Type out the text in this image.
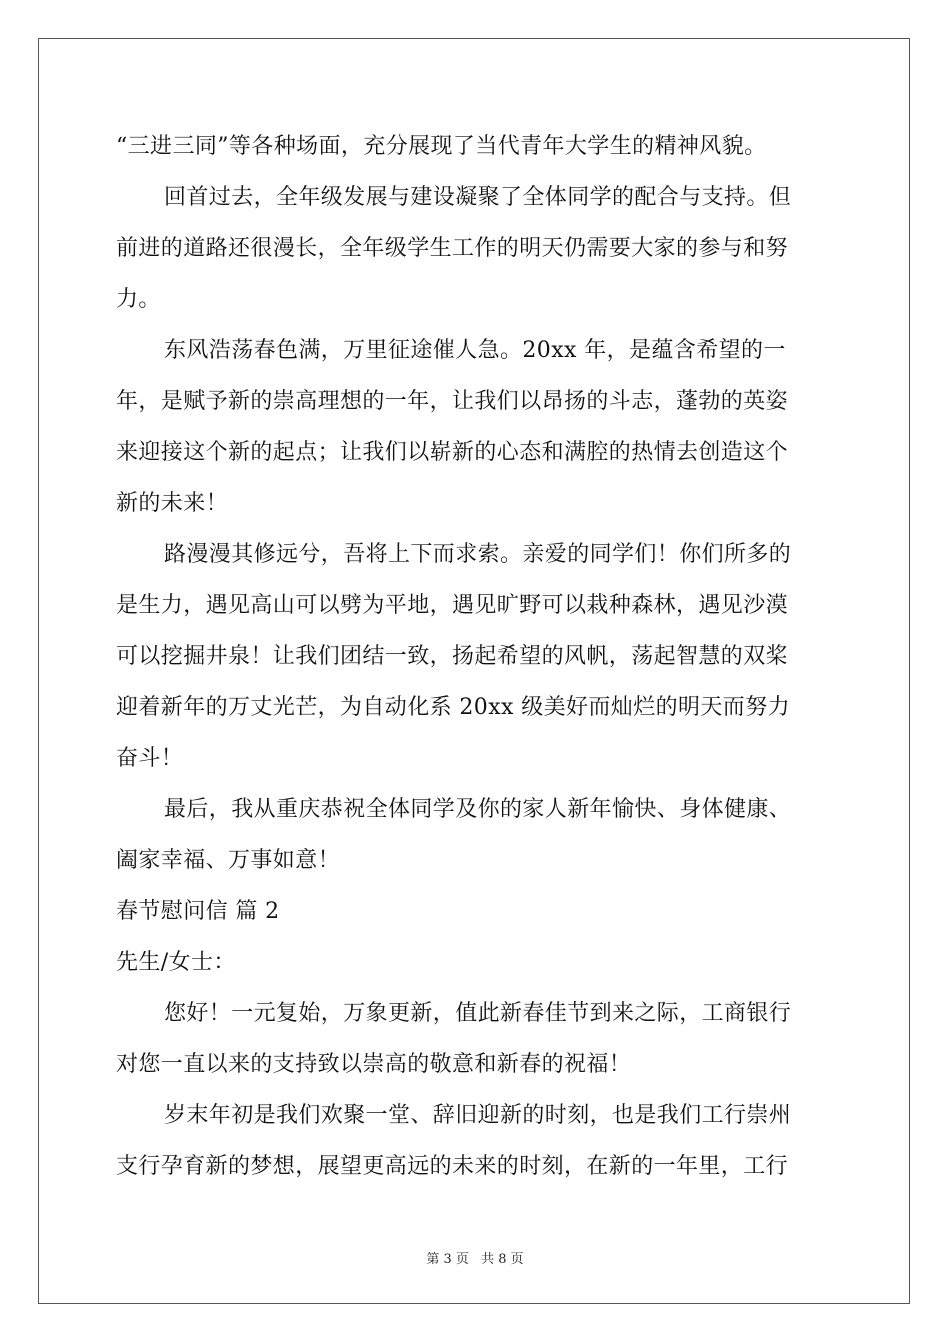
“三进三同”等各种场面，充分展现了当代青年大学生的精神风貌。
回首过去，全年级发展与建设凝聚了全体同学的配合与支持。但
前进的道路还很漫长，全年级学生工作的明天仍需要大家的参与和努
力。
东风浩荡春色满，万里征途催人急。20xx 年，是蕴含希望的一
年，是赋予新的崇高理想的一年，让我们以昂扬的斗志，蓬勃的英姿
来迎接这个新的起点；让我们以崭新的心态和满腔的热情去创造这个
新的未来！
路漫漫其修远兮，吾将上下而求索。亲爱的同学们！你们所多的
是生力，遇见高山可以劈为平地，遇见旷野可以栽种森林，遇见沙漠
可以挖掘井泉！让我们团结一致，扬起希望的风帆，荡起智慧的双桨
迎着新年的万丈光芒，为自动化系 20xx 级美好而灿烂的明天而努力
奋斗！
最后，我从重庆恭祝全体同学及你的家人新年愉快、身体健康、
阖家幸福、万事如意！
春节慰问信 篇 2
先生/女士：
您好！一元复始，万象更新，值此新春佳节到来之际，工商银行
对您一直以来的支持致以崇高的敬意和新春的祝福！
岁末年初是我们欢聚一堂、辞旧迎新的时刻，也是我们工行崇州
支行孕育新的梦想，展望更高远的未来的时刻，在新的一年里，工行
第 3 页 共 8 页
